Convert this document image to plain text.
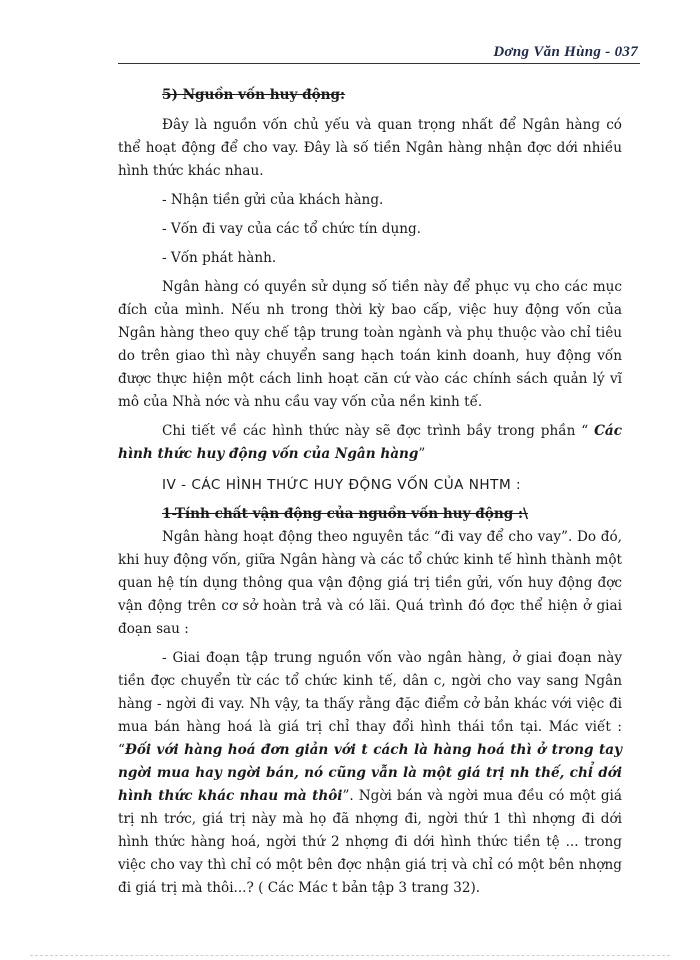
Dơng Văn Hùng - 037

5) Nguồn vốn huy động:

Đây là nguồn vốn chủ yếu và quan trọng nhất để Ngân hàng có thể hoạt động để cho vay. Đây là số tiền Ngân hàng nhận đợc dới nhiều hình thức khác nhau.

- Nhận tiền gửi của khách hàng.

- Vốn đi vay của các tổ chức tín dụng.

- Vốn phát hành.

Ngân hàng có quyền sử dụng số tiền này để phục vụ cho các mục đích của mình. Nếu nh trong thời kỳ bao cấp, việc huy động vốn của Ngân hàng theo quy chế tập trung toàn ngành và phụ thuộc vào chỉ tiêu do trên giao thì này chuyển sang hạch toán kinh doanh, huy động vốn được thực hiện một cách linh hoạt căn cứ vào các chính sách quản lý vĩ mô của Nhà nớc và nhu cầu vay vốn của nền kinh tế.

Chi tiết về các hình thức này sẽ đợc trình bầy trong phần “ Các hình thức huy động vốn của Ngân hàng”

IV - CÁC HÌNH THỨC HUY ĐỘNG VỐN CỦA NHTM :

1-Tính chất vận động của nguồn vốn huy động :\

Ngân hàng hoạt động theo nguyên tắc “đi vay để cho vay”. Do đó, khi huy động vốn, giữa Ngân hàng và các tổ chức kinh tế hình thành một quan hệ tín dụng thông qua vận động giá trị tiền gửi, vốn huy động đợc vận động trên cơ sở hoàn trả và có lãi. Quá trình đó đợc thể hiện ở giai đoạn sau :

- Giai đoạn tập trung nguồn vốn vào ngân hàng, ở giai đoạn này tiền đợc chuyển từ các tổ chức kinh tế, dân c, ngời cho vay sang Ngân hàng - ngời đi vay. Nh vậy, ta thấy rằng đặc điểm cở bản khác với việc đi mua bán hàng hoá là giá trị chỉ thay đổi hình thái tồn tại. Mác viết : “Đối với hàng hoá đơn giản với t cách là hàng hoá thì ở trong tay ngời mua hay ngời bán, nó cũng vẫn là một giá trị nh thế, chỉ dới hình thức khác nhau mà thôi”. Ngời bán và ngời mua đều có một giá trị nh trớc, giá trị này mà họ đã nhợng đi, ngời thứ 1 thì nhợng đi dới hình thức hàng hoá, ngời thứ 2 nhợng đi dới hình thức tiền tệ ... trong việc cho vay thì chỉ có một bên đợc nhận giá trị và chỉ có một bên nhợng đi giá trị mà thôi...? ( Các Mác t bản tập 3 trang 32).
